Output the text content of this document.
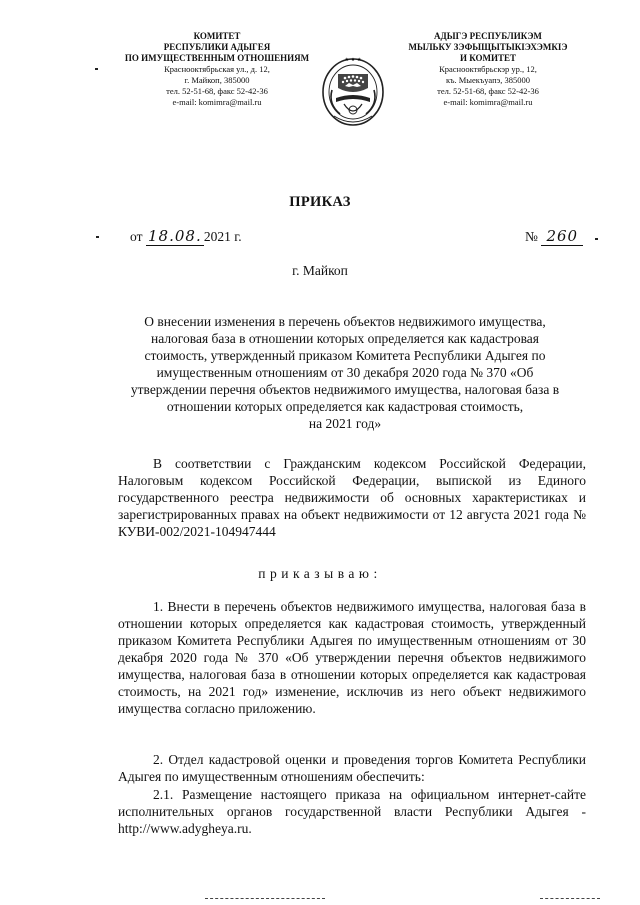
КОМИТЕТ
РЕСПУБЛИКИ АДЫГЕЯ
ПО ИМУЩЕСТВЕННЫМ ОТНОШЕНИЯМ
Краснооктябрьская ул., д. 12,
г. Майкоп, 385000
тел. 52-51-68, факс 52-42-36
e-mail: komimra@mail.ru
★ ★ ★
АДЫГЭ РЕСПУБЛИКЭМ
МЫЛЬКУ ЗЭФЫЩЫТЫКIЭХЭМКIЭ
И КОМИТЕТ
Краснооктябрьскэр ур., 12,
къ. Мыекъуапэ, 385000
тел. 52-51-68, факс 52-42-36
e-mail: komimra@mail.ru
ПРИКАЗ
от 18.08. 2021 г.	№ 260
г. Майкоп
О внесении изменения в перечень объектов недвижимого имущества,
налоговая база в отношении которых определяется как кадастровая
стоимость, утвержденный приказом Комитета Республики Адыгея по
имущественным отношениям от 30 декабря 2020 года № 370 «Об
утверждении перечня объектов недвижимого имущества, налоговая база в
отношении которых определяется как кадастровая стоимость,
на 2021 год»
В соответствии с Гражданским кодексом Российской Федерации, Налоговым кодексом Российской Федерации, выпиской из Единого государственного реестра недвижимости об основных характеристиках и зарегистрированных правах на объект недвижимости от 12 августа 2021 года № КУВИ-002/2021-104947444
приказываю:
1. Внести в перечень объектов недвижимого имущества, налоговая база в отношении которых определяется как кадастровая стоимость, утвержденный приказом Комитета Республики Адыгея по имущественным отношениям от 30 декабря 2020 года № 370 «Об утверждении перечня объектов недвижимого имущества, налоговая база в отношении которых определяется как кадастровая стоимость, на 2021 год» изменение, исключив из него объект недвижимого имущества согласно приложению.
2. Отдел кадастровой оценки и проведения торгов Комитета Республики Адыгея по имущественным отношениям обеспечить:
2.1. Размещение настоящего приказа на официальном интернет-сайте исполнительных органов государственной власти Республики Адыгея - http://www.adygheya.ru.
